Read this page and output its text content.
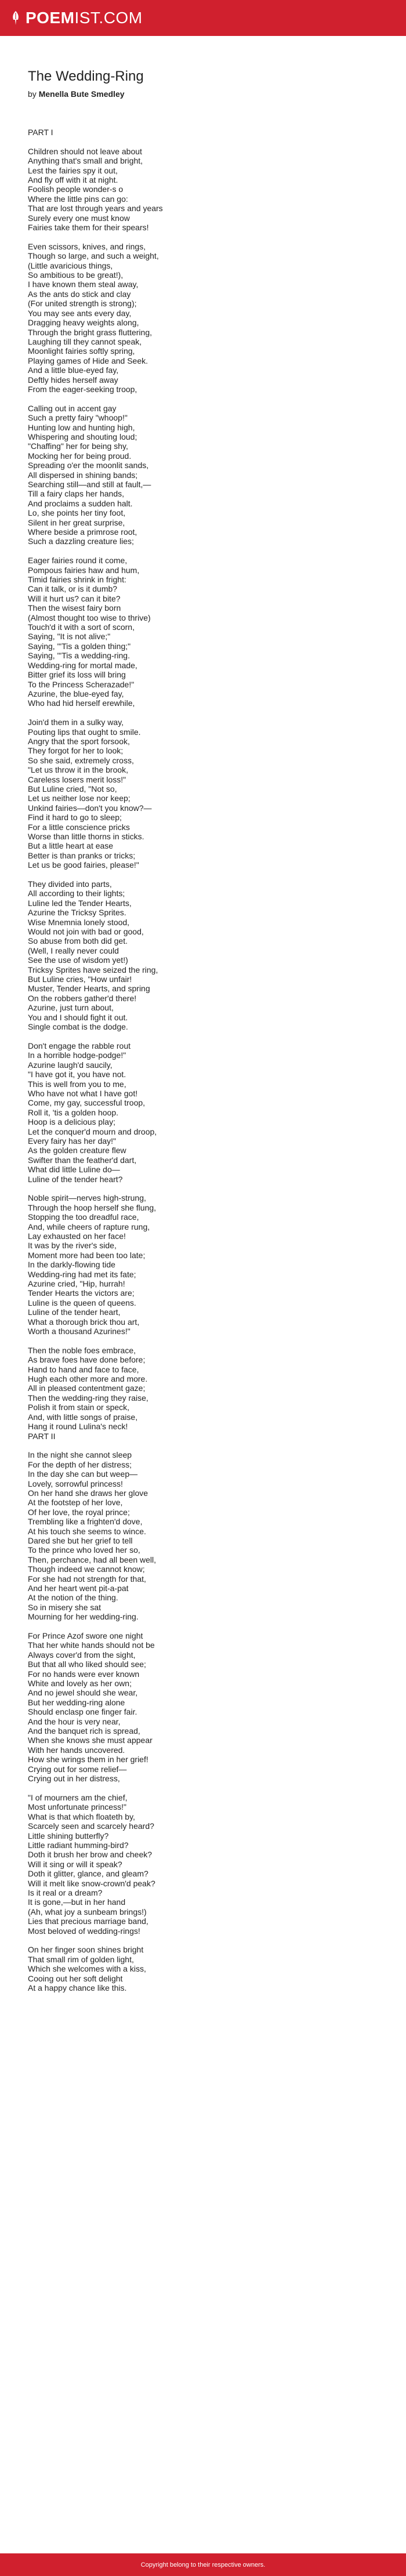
POEMIST.COM
The Wedding-Ring
by Menella Bute Smedley
PART I
Children should not leave about
Anything that's small and bright,
Lest the fairies spy it out,
And fly off with it at night.
Foolish people wonder-s o
Where the little pins can go:
That are lost through years and years
Surely every one must know
Fairies take them for their spears!
Even scissors, knives, and rings,
Though so large, and such a weight,
(Little avaricious things,
So ambitious to be great!),
I have known them steal away,
As the ants do stick and clay
(For united strength is strong);
You may see ants every day,
Dragging heavy weights along,
Through the bright grass fluttering,
Laughing till they cannot speak,
Moonlight fairies softly spring,
Playing games of Hide and Seek.
And a little blue-eyed fay,
Deftly hides herself away
From the eager-seeking troop,
Calling out in accent gay
Such a pretty fairy "whoop!"
Hunting low and hunting high,
Whispering and shouting loud;
"Chaffing" her for being shy,
Mocking her for being proud.
Spreading o'er the moonlit sands,
All dispersed in shining bands;
Searching still—and still at fault,—
Till a fairy claps her hands,
And proclaims a sudden halt.
Lo, she points her tiny foot,
Silent in her great surprise,
Where beside a primrose root,
Such a dazzling creature lies;
Eager fairies round it come,
Pompous fairies haw and hum,
Timid fairies shrink in fright:
Can it talk, or is it dumb?
Will it hurt us? can it bite?
Then the wisest fairy born
(Almost thought too wise to thrive)
Touch'd it with a sort of scorn,
Saying, "It is not alive;"
Saying, "'Tis a golden thing;"
Saying, "'Tis a wedding-ring.
Wedding-ring for mortal made,
Bitter grief its loss will bring
To the Princess Scherazade!"
Azurine, the blue-eyed fay,
Who had hid herself erewhile,
Join'd them in a sulky way,
Pouting lips that ought to smile.
Angry that the sport forsook,
They forgot for her to look;
So she said, extremely cross,
"Let us throw it in the brook,
Careless losers merit loss!"
But Luline cried, "Not so,
Let us neither lose nor keep;
Unkind fairies—don't you know?—
Find it hard to go to sleep;
For a little conscience pricks
Worse than little thorns in sticks.
But a little heart at ease
Better is than pranks or tricks;
Let us be good fairies, please!"
They divided into parts,
All according to their lights;
Luline led the Tender Hearts,
Azurine the Tricksy Sprites.
Wise Mnemnia lonely stood,
Would not join with bad or good,
So abuse from both did get.
(Well, I really never could
See the use of wisdom yet!)
Tricksy Sprites have seized the ring,
But Luline cries, "How unfair!
Muster, Tender Hearts, and spring
On the robbers gather'd there!
Azurine, just turn about,
You and I should fight it out.
Single combat is the dodge.
Don't engage the rabble rout
In a horrible hodge-podge!"
Azurine laugh'd saucily,
"I have got it, you have not.
This is well from you to me,
Who have not what I have got!
Come, my gay, successful troop,
Roll it, 'tis a golden hoop.
Hoop is a delicious play;
Let the conquer'd mourn and droop,
Every fairy has her day!"
As the golden creature flew
Swifter than the feather'd dart,
What did little Luline do—
Luline of the tender heart?
Noble spirit—nerves high-strung,
Through the hoop herself she flung,
Stopping the too dreadful race,
And, while cheers of rapture rung,
Lay exhausted on her face!
It was by the river's side,
Moment more had been too late;
In the darkly-flowing tide
Wedding-ring had met its fate;
Azurine cried, "Hip, hurrah!
Tender Hearts the victors are;
Luline is the queen of queens.
Luline of the tender heart,
What a thorough brick thou art,
Worth a thousand Azurines!"
Then the noble foes embrace,
As brave foes have done before;
Hand to hand and face to face,
Hugh each other more and more.
All in pleased contentment gaze;
Then the wedding-ring they raise,
Polish it from stain or speck,
And, with little songs of praise,
Hang it round Lulina's neck!
PART II
In the night she cannot sleep
For the depth of her distress;
In the day she can but weep—
Lovely, sorrowful princess!
On her hand she draws her glove
At the footstep of her love,
Of her love, the royal prince;
Trembling like a frighten'd dove,
At his touch she seems to wince.
Dared she but her grief to tell
To the prince who loved her so,
Then, perchance, had all been well,
Though indeed we cannot know;
For she had not strength for that,
And her heart went pit-a-pat
At the notion of the thing.
So in misery she sat
Mourning for her wedding-ring.
For Prince Azof swore one night
That her white hands should not be
Always cover'd from the sight,
But that all who liked should see;
For no hands were ever known
White and lovely as her own;
And no jewel should she wear,
But her wedding-ring alone
Should enclasp one finger fair.
And the hour is very near,
And the banquet rich is spread,
When she knows she must appear
With her hands uncovered.
How she wrings them in her grief!
Crying out for some relief—
Crying out in her distress,
"I of mourners am the chief,
Most unfortunate princess!"
What is that which floateth by,
Scarcely seen and scarcely heard?
Little shining butterfly?
Little radiant humming-bird?
Doth it brush her brow and cheek?
Will it sing or will it speak?
Doth it glitter, glance, and gleam?
Will it melt like snow-crown'd peak?
Is it real or a dream?
It is gone,—but in her hand
(Ah, what joy a sunbeam brings!)
Lies that precious marriage band,
Most beloved of wedding-rings!
On her finger soon shines bright
That small rim of golden light,
Which she welcomes with a kiss,
Cooing out her soft delight
At a happy chance like this.
Copyright belong to their respective owners.
